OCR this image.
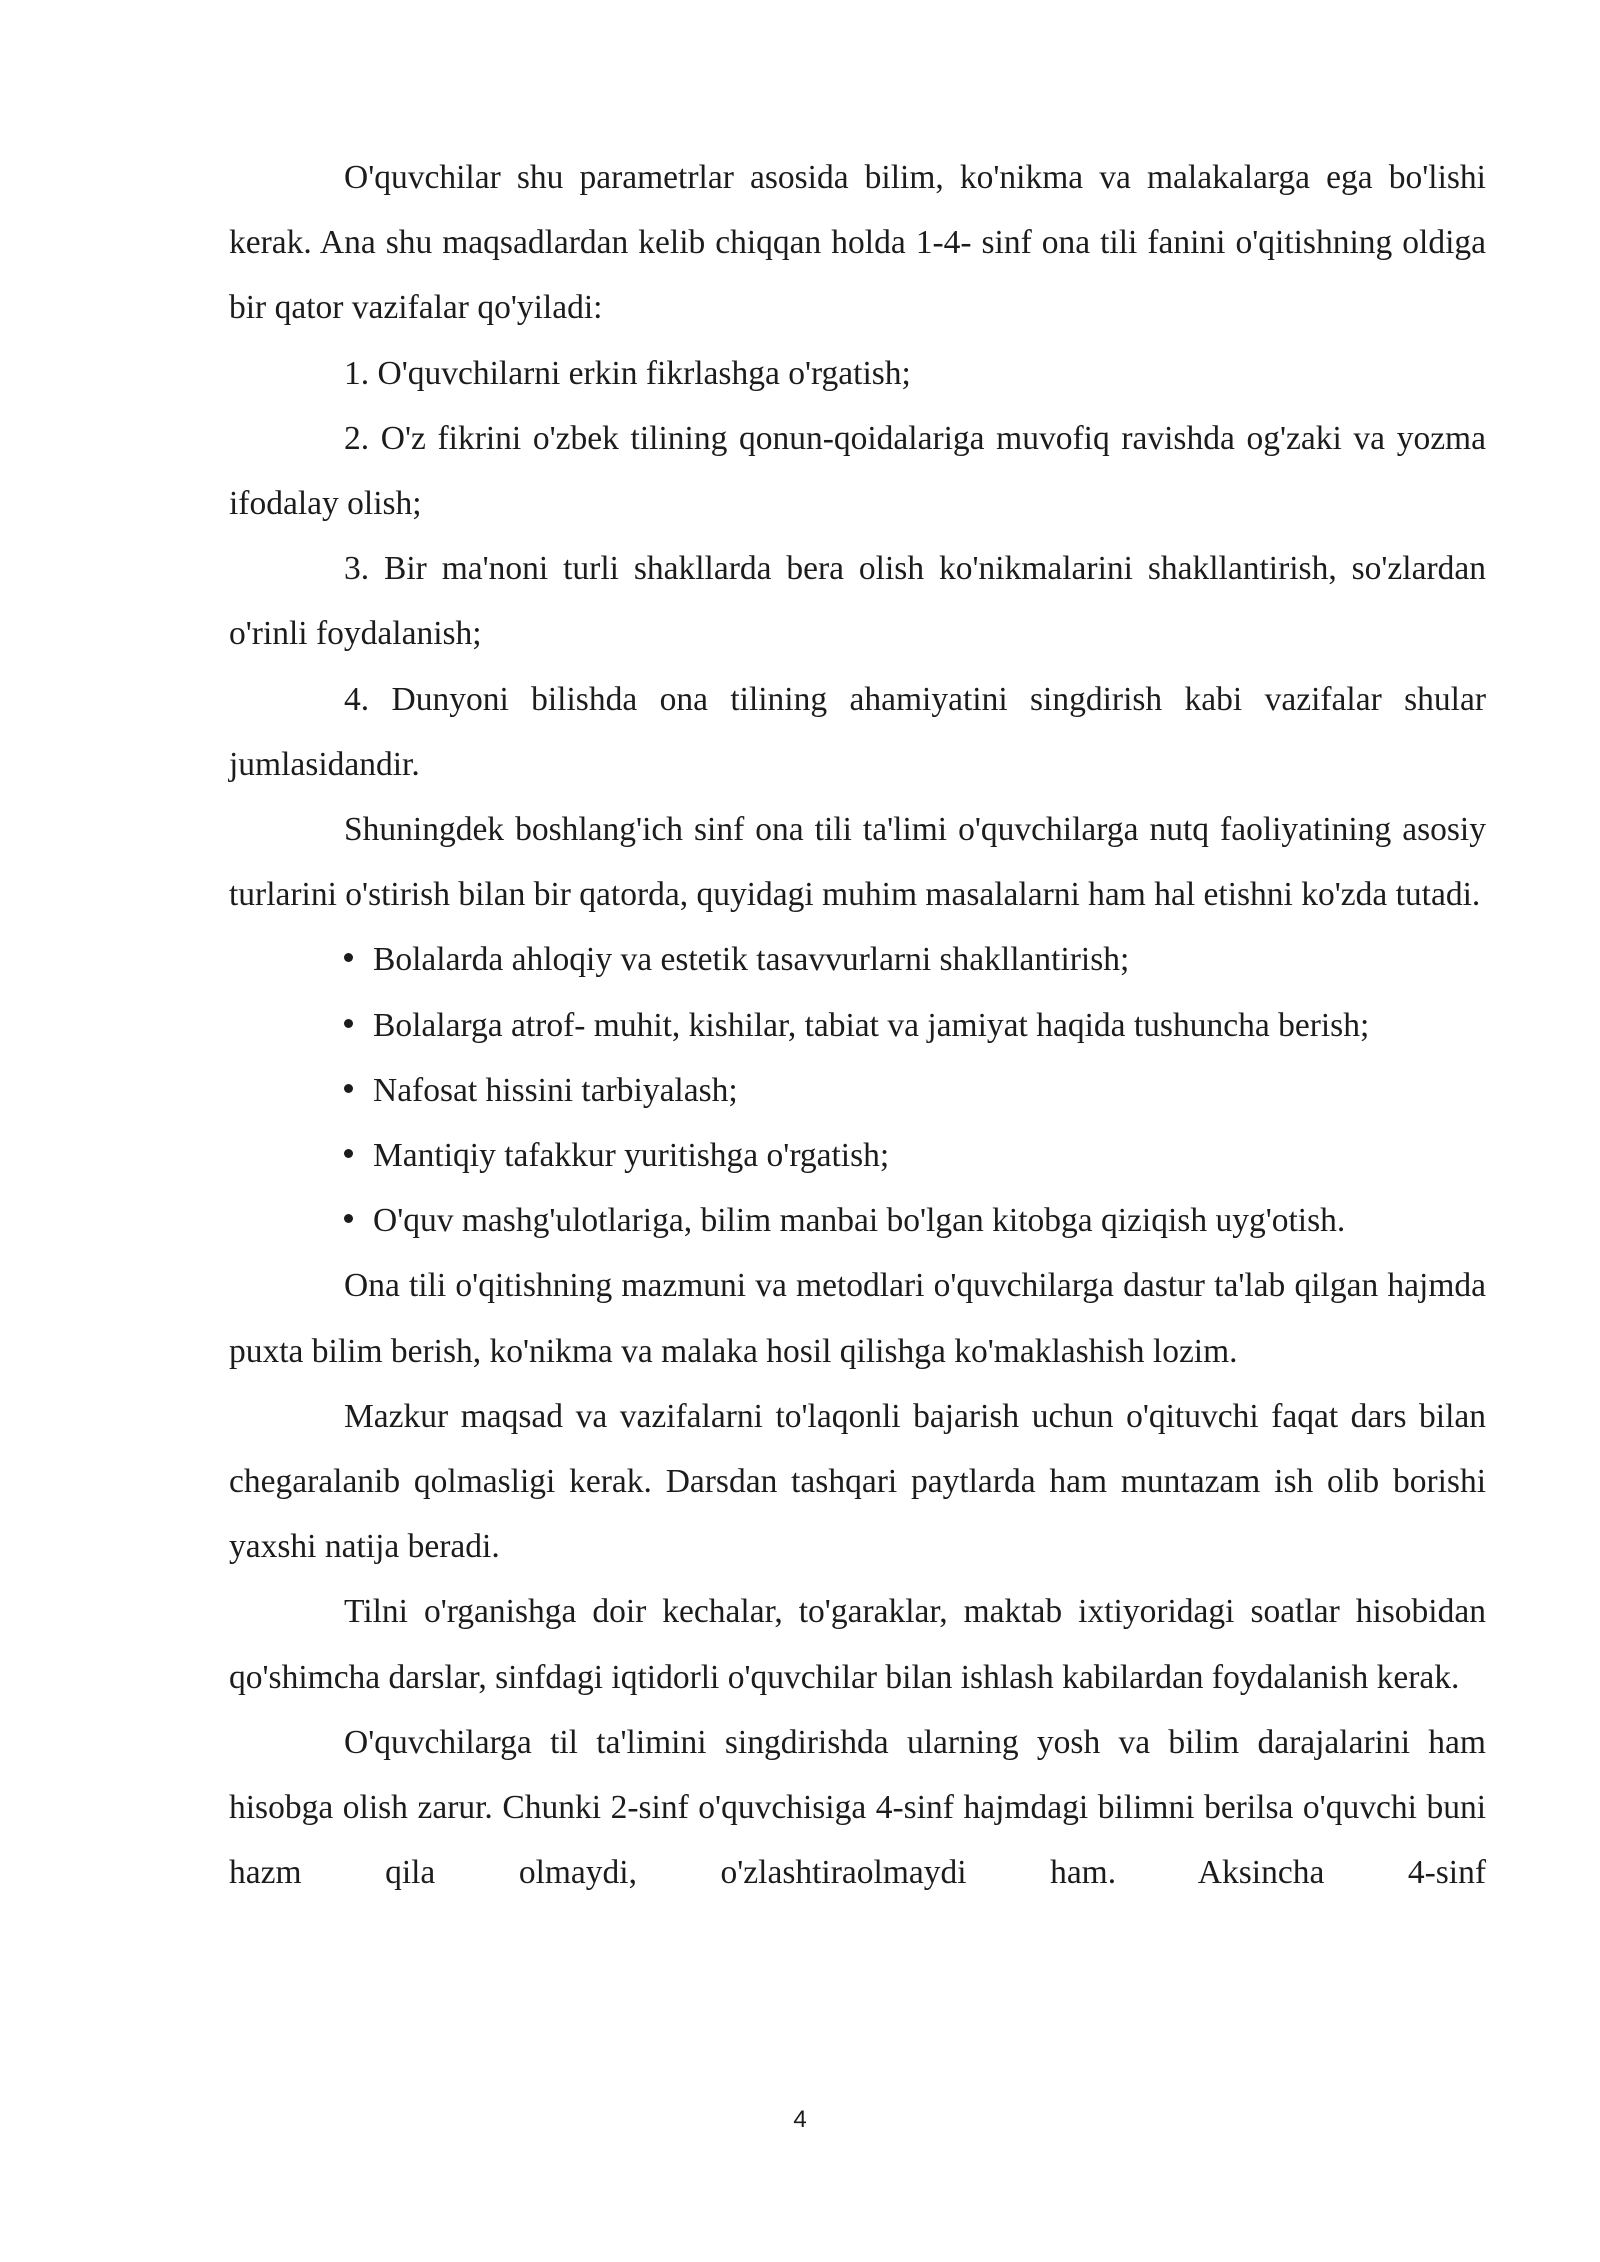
O'quvchilar shu parametrlar asosida bilim, ko'nikma va malakalarga ega bo'lishi kerak. Ana shu maqsadlardan kelib chiqqan holda 1-4- sinf ona tili fanini o'qitishning oldiga bir qator vazifalar qo'yiladi:

1. O'quvchilarni erkin fikrlashga o'rgatish;

2. O'z fikrini o'zbek tilining qonun-qoidalariga muvofiq ravishda og'zaki va yozma ifodalay olish;

3. Bir ma'noni turli shakllarda bera olish ko'nikmalarini shakllantirish, so'zlardan o'rinli foydalanish;

4. Dunyoni bilishda ona tilining ahamiyatini singdirish kabi vazifalar shular jumlasidandir.

Shuningdek boshlang'ich sinf ona tili ta'limi o'quvchilarga nutq faoliyatining asosiy turlarini o'stirish bilan bir qatorda, quyidagi muhim masalalarni ham hal etishni ko'zda tutadi.

Bolalarda ahloqiy va estetik tasavvurlarni shakllantirish;

Bolalarga atrof- muhit, kishilar, tabiat va jamiyat haqida tushuncha berish;

Nafosat hissini tarbiyalash;

Mantiqiy tafakkur yuritishga o'rgatish;

O'quv mashg'ulotlariga, bilim manbai bo'lgan kitobga qiziqish uyg'otish.

Ona tili o'qitishning mazmuni va metodlari o'quvchilarga dastur ta'lab qilgan hajmda puxta bilim berish, ko'nikma va malaka hosil qilishga ko'maklashish lozim.

Mazkur maqsad va vazifalarni to'laqonli bajarish uchun o'qituvchi faqat dars bilan chegaralanib qolmasligi kerak. Darsdan tashqari paytlarda ham muntazam ish olib borishi yaxshi natija beradi.

Tilni o'rganishga doir kechalar, to'garaklar, maktab ixtiyoridagi soatlar hisobidan qo'shimcha darslar, sinfdagi iqtidorli o'quvchilar bilan ishlash kabilardan foydalanish kerak.

O'quvchilarga til ta'limini singdirishda ularning yosh va bilim darajalarini ham hisobga olish zarur. Chunki 2-sinf o'quvchisiga 4-sinf hajmdagi bilimni berilsa o'quvchi buni hazm qila olmaydi, o'zlashtiraolmaydi ham. Aksincha 4-sinf

4
